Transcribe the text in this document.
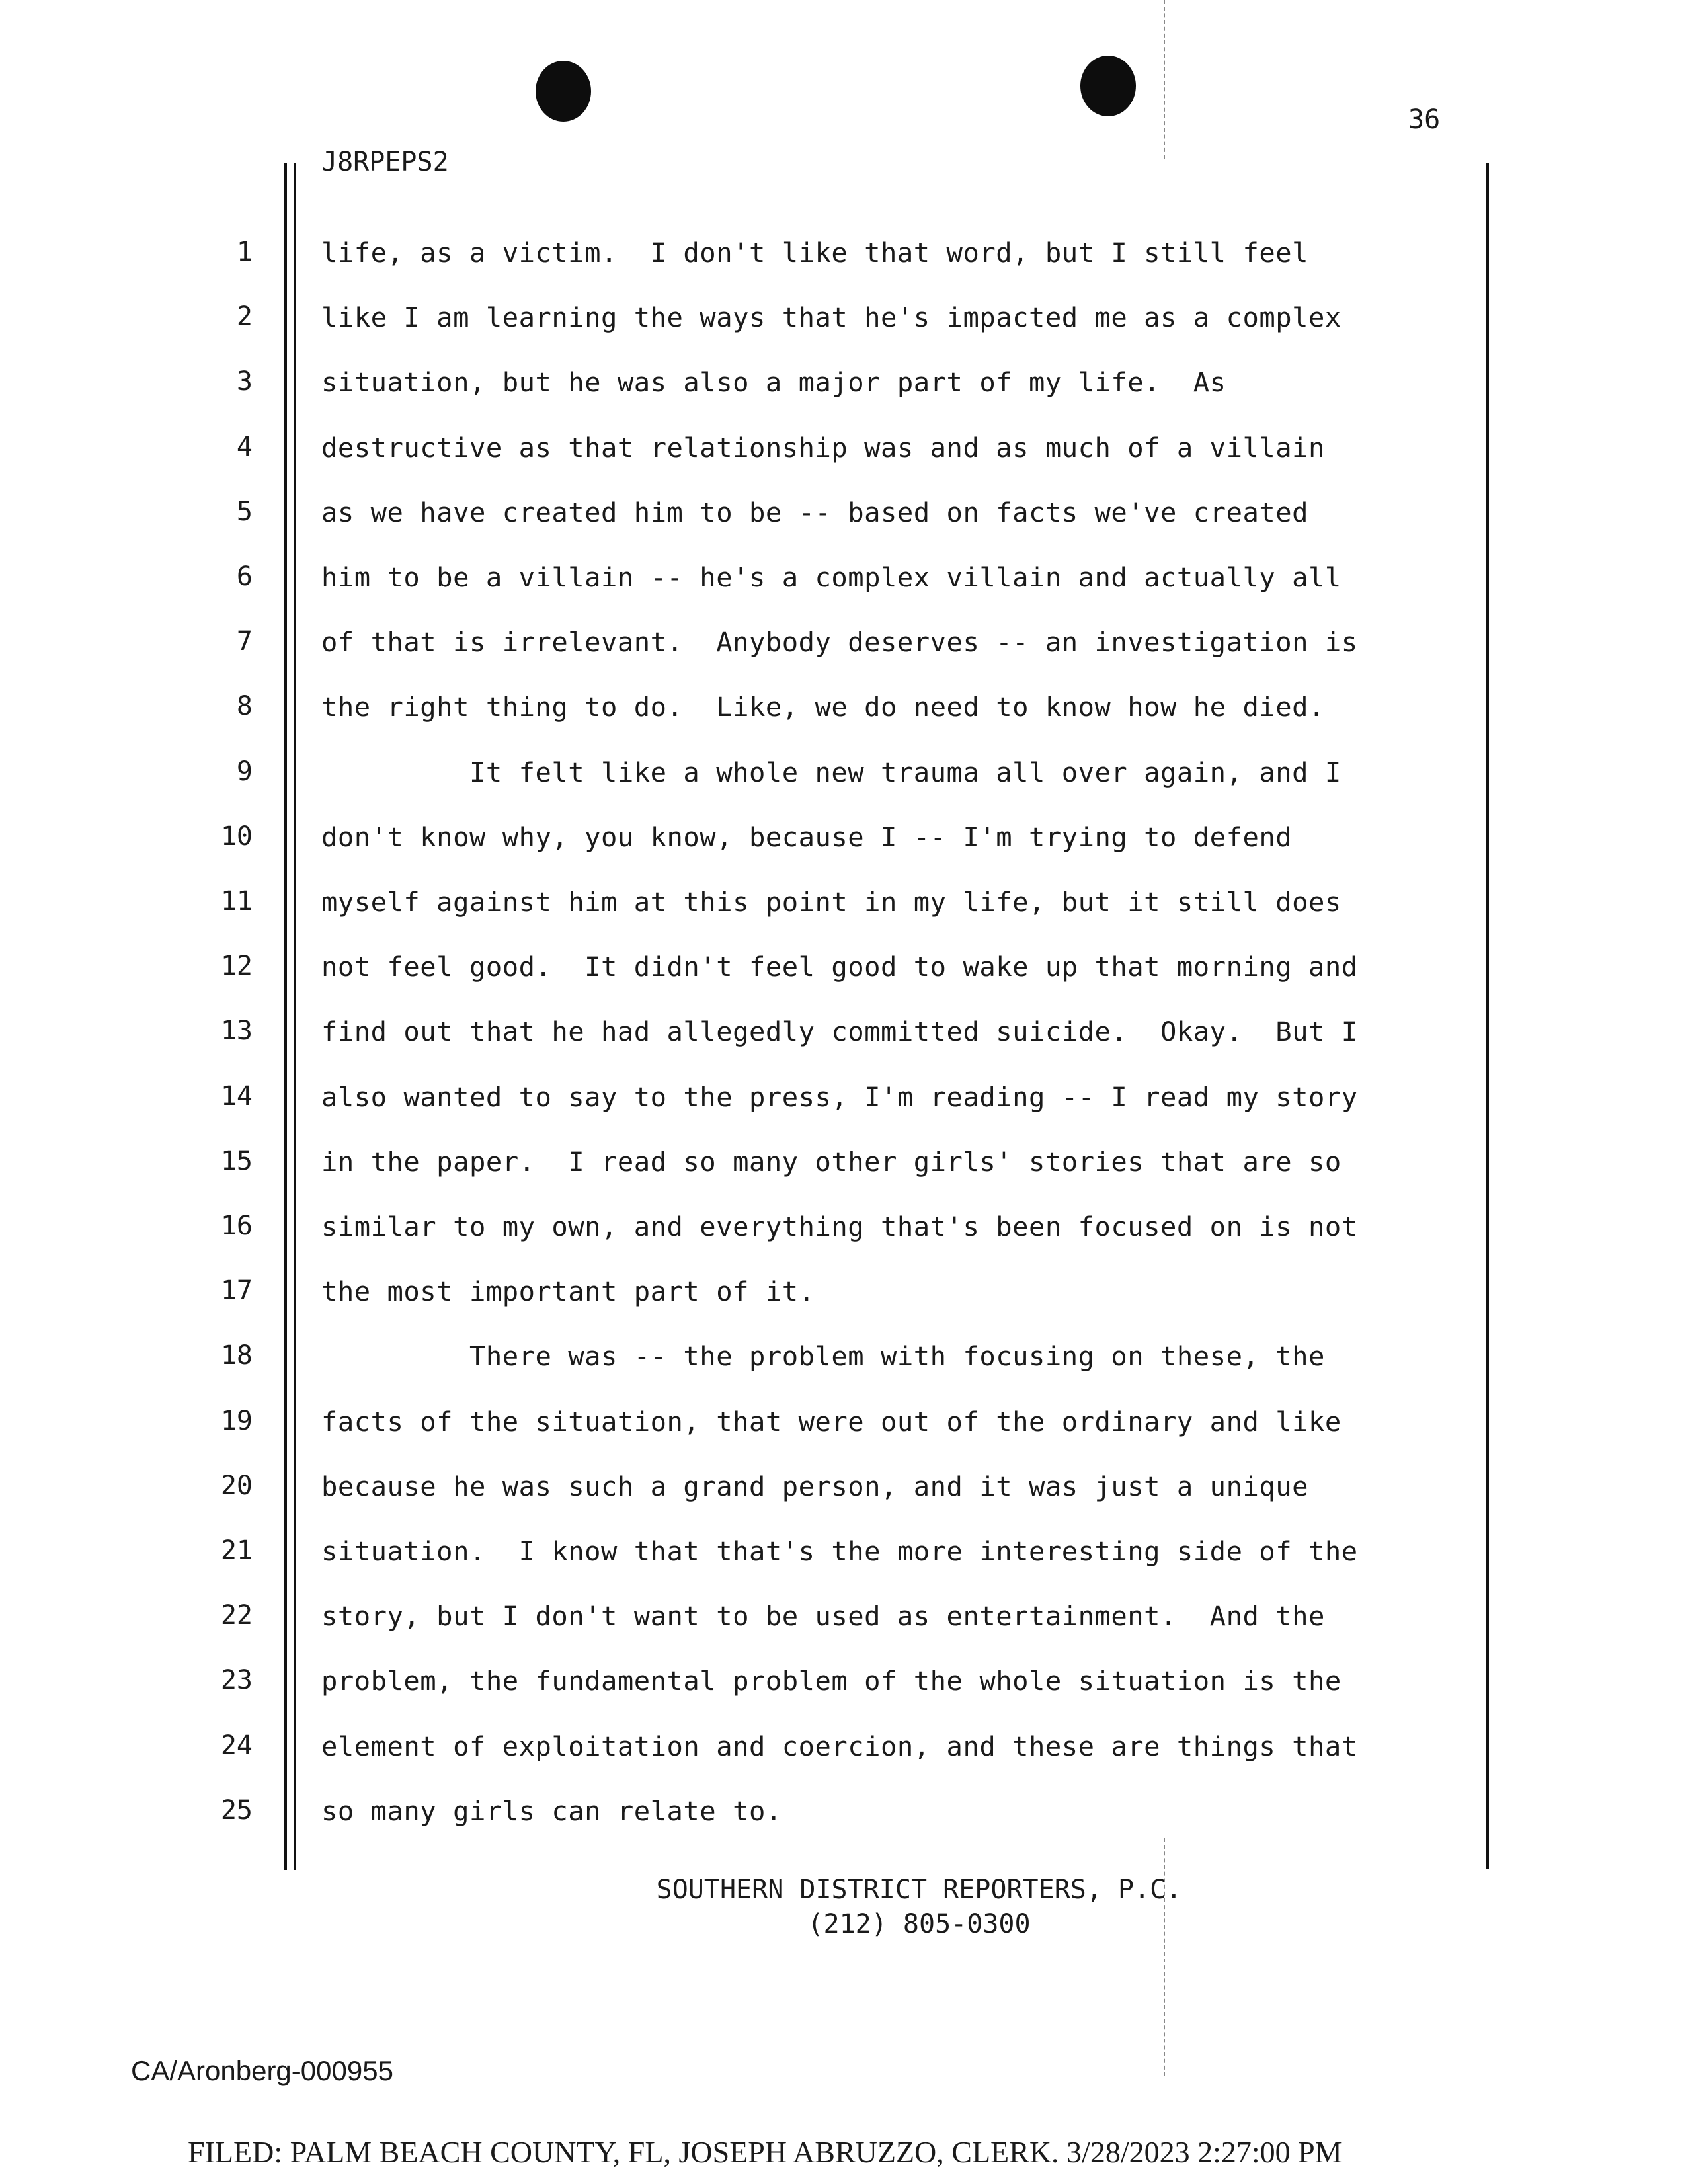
36
J8RPEPS2
1	life, as a victim.  I don't like that word, but I still feel
2	like I am learning the ways that he's impacted me as a complex
3	situation, but he was also a major part of my life.  As
4	destructive as that relationship was and as much of a villain
5	as we have created him to be -- based on facts we've created
6	him to be a villain -- he's a complex villain and actually all
7	of that is irrelevant.  Anybody deserves -- an investigation is
8	the right thing to do.  Like, we do need to know how he died.
9	It felt like a whole new trauma all over again, and I
10	don't know why, you know, because I -- I'm trying to defend
11	myself against him at this point in my life, but it still does
12	not feel good.  It didn't feel good to wake up that morning and
13	find out that he had allegedly committed suicide.  Okay.  But I
14	also wanted to say to the press, I'm reading -- I read my story
15	in the paper.  I read so many other girls' stories that are so
16	similar to my own, and everything that's been focused on is not
17	the most important part of it.
18	There was -- the problem with focusing on these, the
19	facts of the situation, that were out of the ordinary and like
20	because he was such a grand person, and it was just a unique
21	situation.  I know that that's the more interesting side of the
22	story, but I don't want to be used as entertainment.  And the
23	problem, the fundamental problem of the whole situation is the
24	element of exploitation and coercion, and these are things that
25	so many girls can relate to.
SOUTHERN DISTRICT REPORTERS, P.C.
(212) 805-0300
CA/Aronberg-000955
FILED: PALM BEACH COUNTY, FL, JOSEPH ABRUZZO, CLERK. 3/28/2023 2:27:00 PM
